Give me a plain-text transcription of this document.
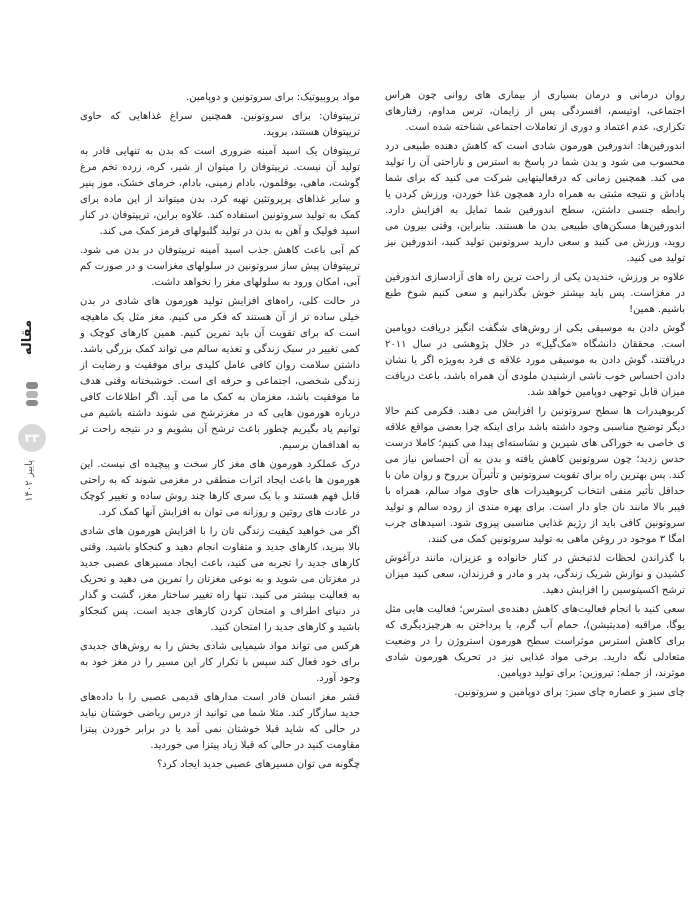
مقاله
۳۳
پاییز ۱۴۰۲

روان درمانی و درمان بسیاری از بیماری های روانی چون هراس اجتماعی، اوتیسم، افسردگی پس از زایمان، ترس مداوم، رفتارهای تکراری، عدم اعتماد و دوری از تعاملات اجتماعی شناخته شده است.

اندورفین‌ها: اندورفین هورمون شادی است که کاهش دهنده طبیعی درد محسوب می شود و بدن شما در پاسخ به استرس و ناراحتی آن را تولید می کند. همچنین زمانی که درفعالیتهایی شرکت می کنید که برای شما پاداش و نتیجه مثبتی به همراه دارد همچون غذا خوردن، ورزش کردن یا رابطه جنسی داشتن، سطح اندورفین شما تمایل به افزایش دارد. اندورفین‌ها مسکن‌های طبیعی بدن ما هستند. بنابراین، وقتی بیرون می روید، ورزش می کنید و سعی دارید سروتونین تولید کنید، اندورفین نیز تولید می کنید.

علاوه بر ورزش، خندیدن یکی از راحت ترین راه های آزادسازی اندورفین در مغزاست. پس باید بیشتر خوش بگذرانیم و سعی کنیم شوخ طبع باشیم. همین!

گوش دادن به موسیقی یکی از روش‌های شگفت انگیز دریافت دوپامین است. محققان دانشگاه «مک‌گیل» در خلال پژوهشی در سال ۲۰۱۱ دریافتند، گوش دادن به موسیقی مورد علاقه ی فرد به‌ویژه اگر یا نشان دادن احساس خوب ناشی ازشنیدن ملودی آن همراه باشد، باعث دریافت میزان قابل توجهی دوپامین خواهد شد.

کربوهیدرات ها سطح سروتونین را افزایش می دهند. فکرمی کنم حالا دیگر توضیح مناسبی وجود داشته باشد برای اینکه چرا بعضی مواقع علاقه ی خاصی به خوراکی های شیرین و نشاسته‌ای پیدا می کنیم؛ کاملا درست حدس زدید؛ چون سروتونین کاهش یافته و بدن به آن احساس نیاز می کند. پس بهترین راه برای تقویت سروتونین و تأثیرآن برروح و روان مان با حداقل تأثیر منفی انتخاب کربوهیدرات های حاوی مواد سالم، همراه با فیبر بالا مانند نان جاو دار است. برای بهره مندی از روده سالم و تولید سروتونین کافی باید از رژیم غذایی مناسبی پیروی شود. اسیدهای چرب امگا ۳ موجود در روغن ماهی به تولید سروتونین کمک می کنند.

با گذراندن لحظات لذتبخش در کنار خانواده و عزیزان، مانند درآغوش کشیدن و نوازش شریک زندگی، پدر و مادر و فرزندان، سعی کنید میزان ترشح اکسیتوسین را افزایش دهید.

سعی کنید با انجام فعالیت‌های کاهش دهنده‌ی استرس؛ فعالیت هایی مثل یوگا، مراقبه (مدیتیشن)، حمام آب گرم، یا پرداختن به هرچیزدیگری که برای کاهش استرس موثراست سطح هورمون استروژن را در وضعیت متعادلی نگه دارید. برخی مواد غذایی نیز در تحریک هورمون شادی موثرند، از جمله: تیروزین: برای تولید دوپامین.

چای سبز و عصاره چای سبز: برای دوپامین و سروتونین.

مواد پروبیوتیک: برای سروتونین و دوپامین.

تریپتوفان: برای سروتونین. همچنین سراغ غذاهایی که حاوی تریپتوفان هستند، بروید.

تریپتوفان یک اسید آمینه ضروری است که بدن به تنهایی قادر به تولید آن نیست. تریپتوفان را میتوان از شیر، کره، زرده تخم مرغ گوشت، ماهی، بوقلمون، بادام زمینی، بادام، خرمای خشک، موز پنیر و سایر غذاهای پرپروتئین تهیه کرد. بدن میتواند از این ماده برای کمک به تولید سروتونین استفاده کند. علاوه براین، تریپتوفان در کنار اسید فولیک و آهن به بدن در تولید گلبولهای قرمز کمک می کند.

کم آبی باعث کاهش جذب اسید آمینه تریپتوفان در بدن می شود. تریپتوفان پیش ساز سروتونین در سلولهای مغزاست و در صورت کم آبی، امکان ورود به سلولهای مغز را نخواهد داشت.

در حالت کلی، راه‌های افزایش تولید هورمون های شادی در بدن خیلی ساده تر از آن هستند که فکر می کنیم. مغز مثل یک ماهیچه است که برای تقویت آن باید تمرین کنیم. همین کارهای کوچک و کمی تغییر در سبک زندگی و تغذیه سالم می تواند کمک بزرگی باشد. داشتن سلامت روان کافی عامل کلیدی برای موفقیت و رضایت از زندگی شخصی، اجتماعی و حرفه ای است. خوشبختانه وقتی هدف ما موفقیت باشد، مغزمان به کمک ما می آید. اگر اطلاعات کافی درباره هورمون هایی که در مغزترشح می شوند داشته باشیم می توانیم یاد بگیریم چطور باعث ترشح آن بشویم و در نتیجه راحت تر به اهدافمان برسیم.

درک عملکرد هورمون های مغز کار سخت و پیچیده ای نیست. این هورمون ها باعث ایجاد اثرات منطقی در مغزمی شوند که به راحتی قابل فهم هستند و با یک سری کارها چند روش ساده و تغییر کوچک در عادت های روتین و روزانه می توان به افزایش آنها کمک کرد.

اگر می خواهید کیفیت زندگی تان را با افزایش هورمون های شادی بالا ببرید، کارهای جدید و متفاوت انجام دهید و کنجکاو باشید. وقتی کارهای جدید را تجربه می کنید، باعث ایجاد مسیرهای عصبی جدید در مغزتان می شوید و به نوعی مغزتان را تمرین می دهید و تحریک به فعالیت بیشتر می کنید. تنها راه تغییر ساختار مغز، گشت و گذار در دنیای اطراف و امتحان کردن کارهای جدید است. پس کنجکاو باشید و کارهای جدید را امتحان کنید.

هرکس می تواند مواد شیمیایی شادی بخش را به روش‌های جدیدی برای خود فعال کند سپس با تکرار کار این مسیر را در مغز خود به وجود آورد.

قشر مغز انسان قادر است مدارهای قدیمی عصبی را با داده‌های جدید سازگار کند. مثلا شما می توانید از درس ریاضی خوشتان نیاید در حالی که شاید قبلا خوشتان نمی آمد یا در برابر خوردن پیتزا مقاومت کنید در حالی که قبلا زیاد پیتزا می خوردید.

چگونه می توان مسیرهای عصبی جدید ایجاد کرد؟
